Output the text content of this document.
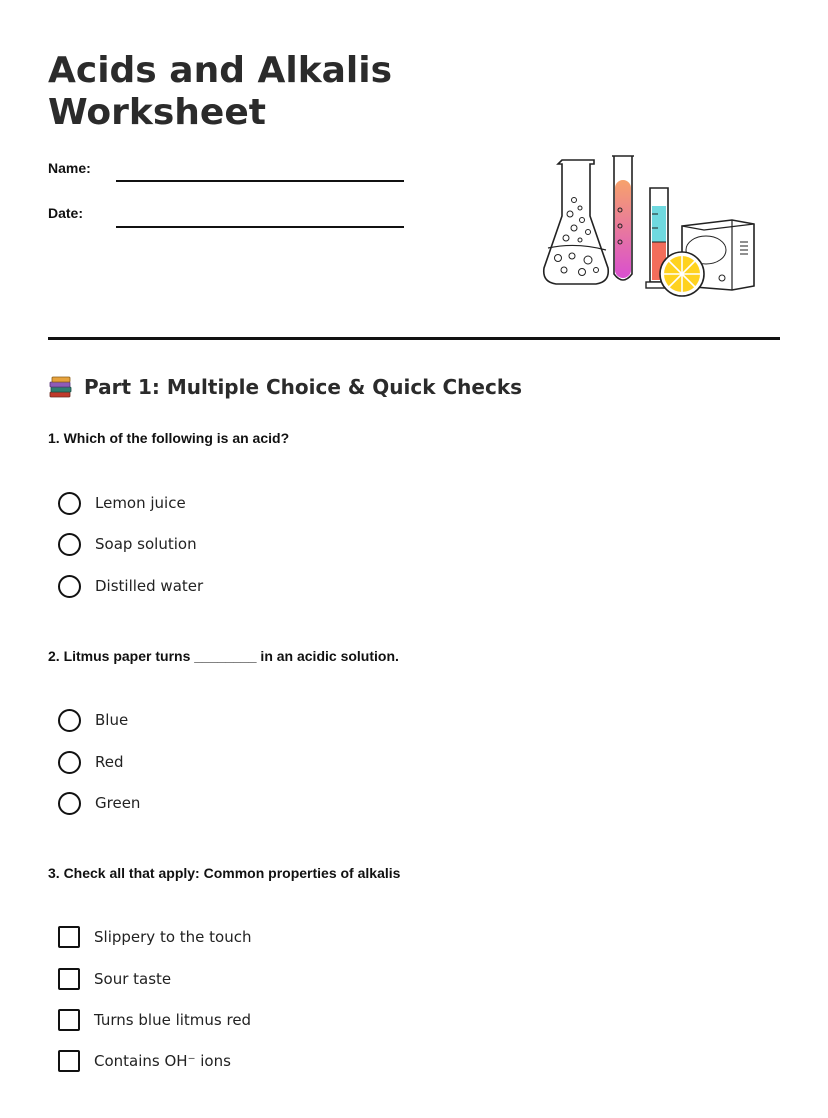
Acids and Alkalis Worksheet
Name:
Date:
Part 1: Multiple Choice & Quick Checks

1. Which of the following is an acid?

Lemon juice
Soap solution
Distilled water

2. Litmus paper turns ________ in an acidic solution.

Blue
Red
Green

3. Check all that apply: Common properties of alkalis

Slippery to the touch
Sour taste
Turns blue litmus red
Contains OH⁻ ions
